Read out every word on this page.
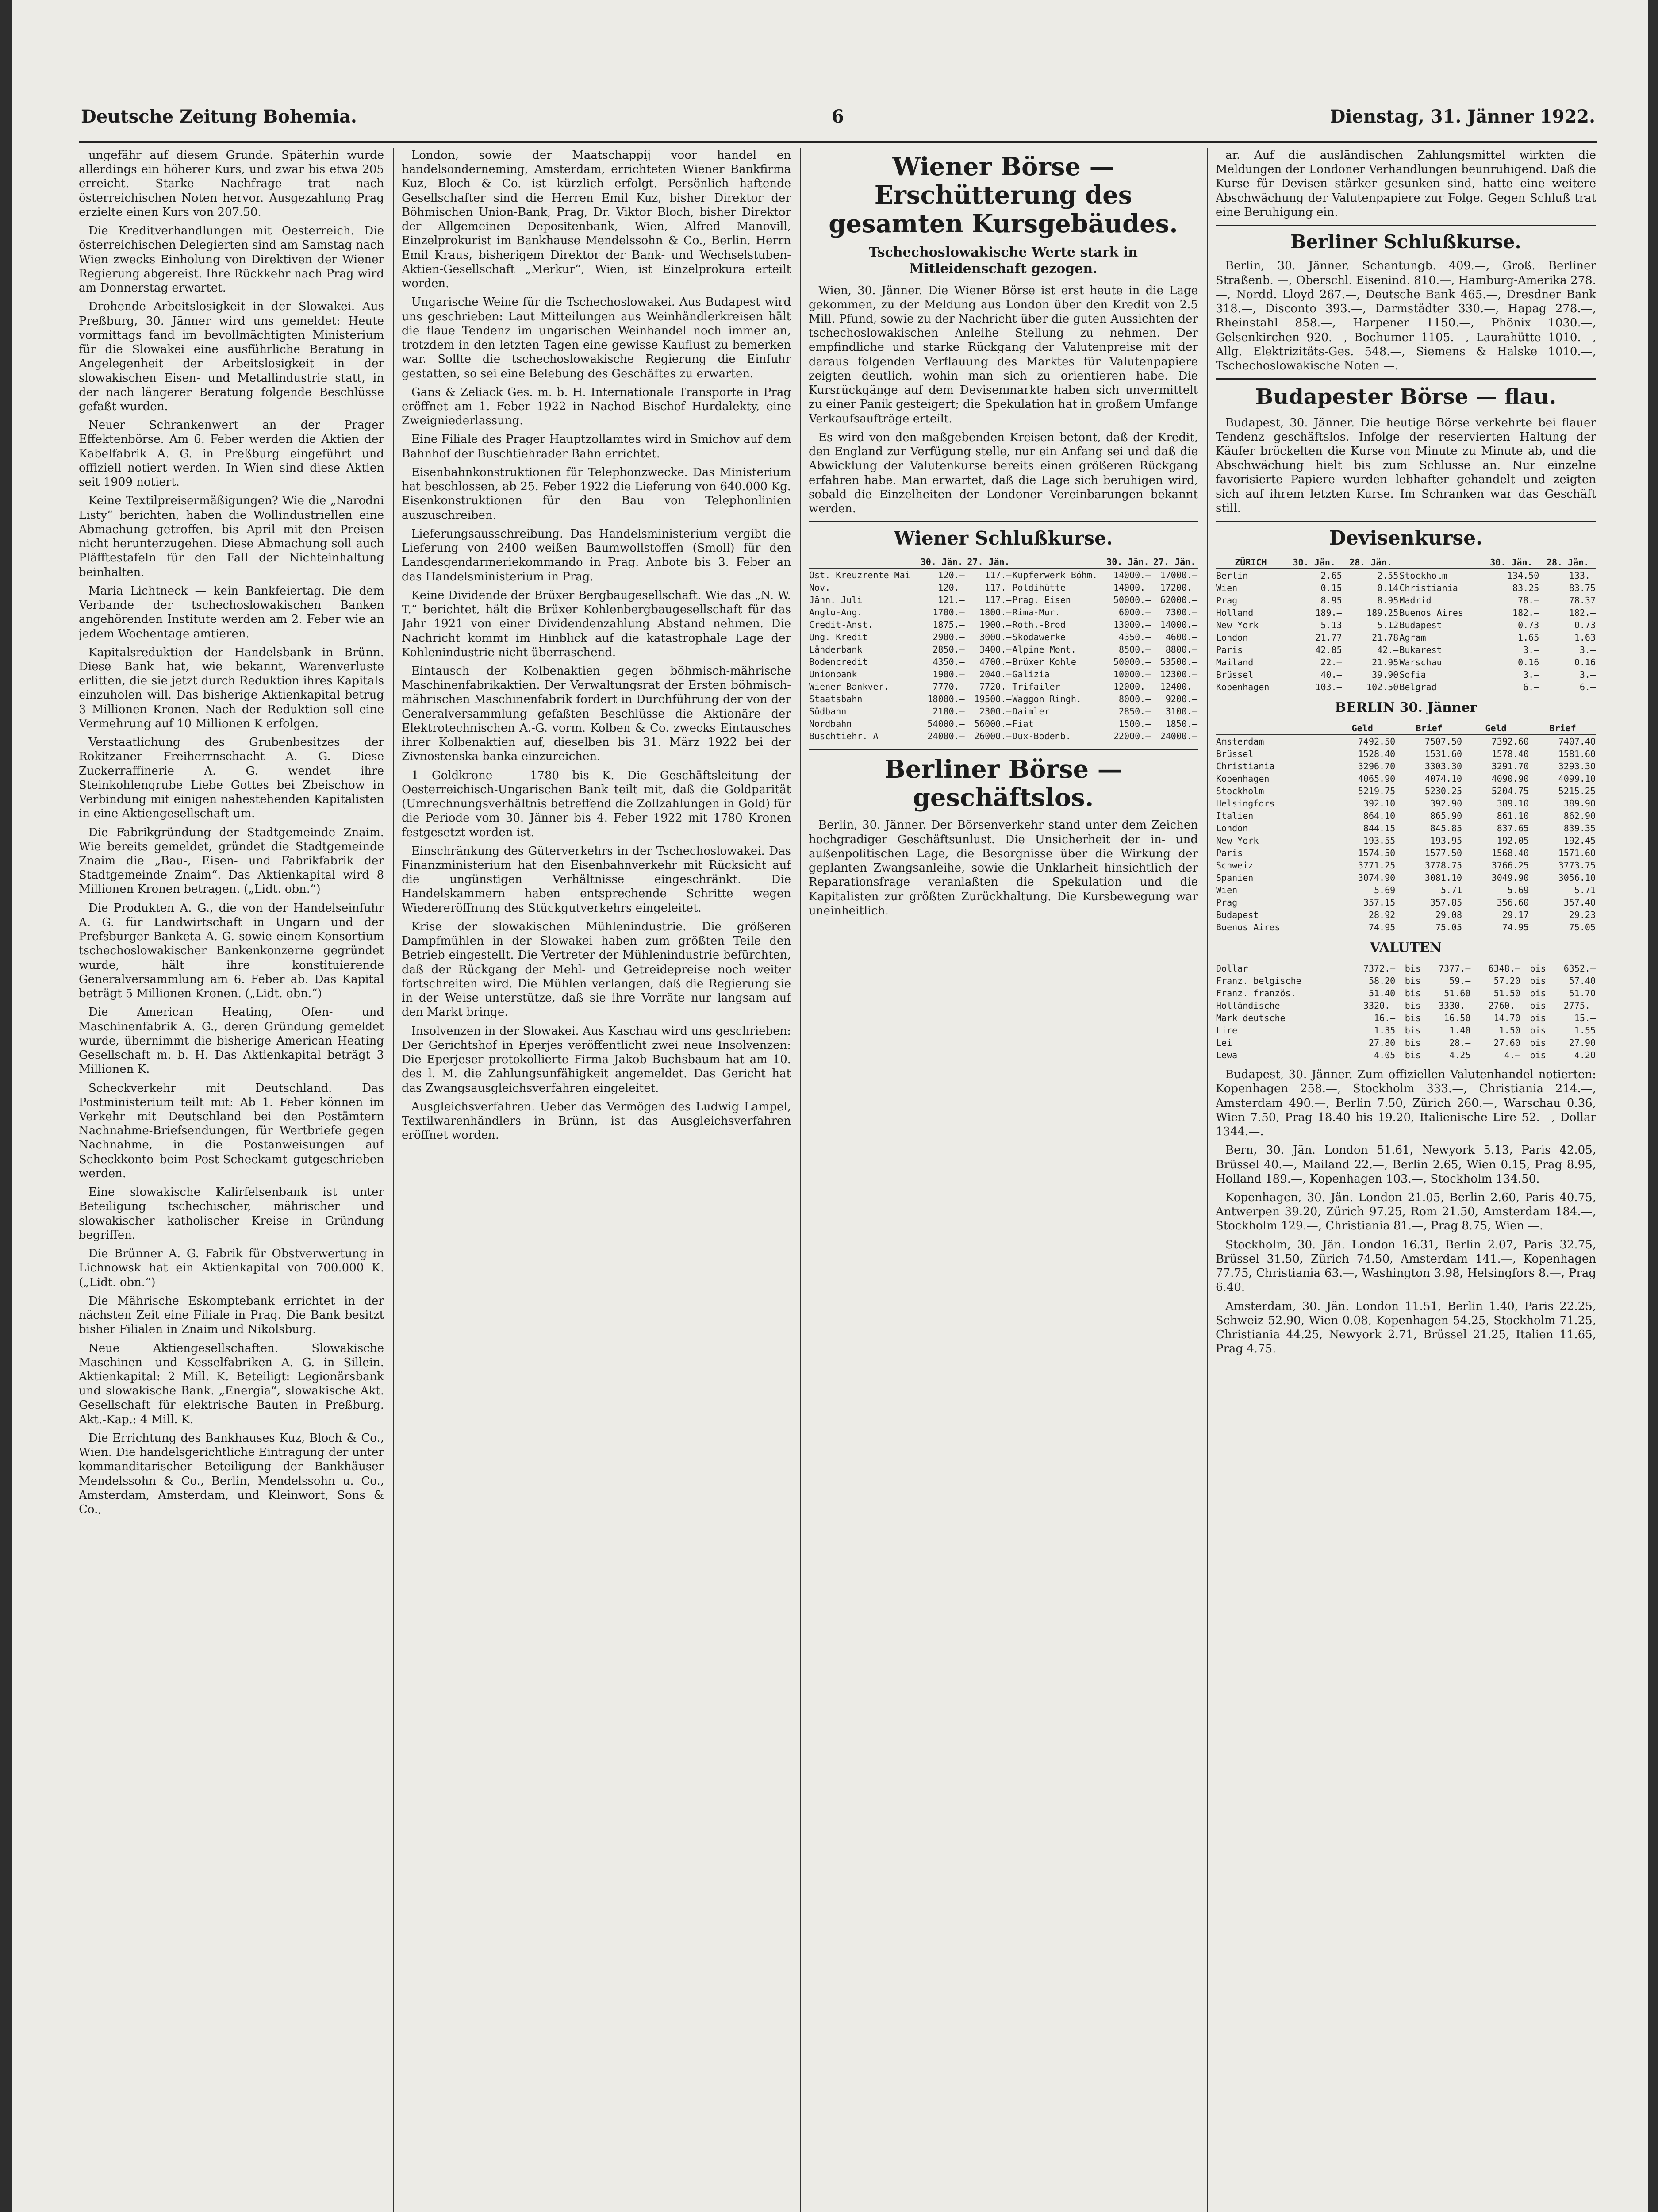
Deutsche Zeitung Bohemia.	6	Dienstag, 31. Jänner 1922.

ungefähr auf diesem Grunde. Späterhin wurde allerdings ein höherer Kurs, und zwar bis etwa 205 erreicht. Starke Nachfrage trat nach österreichischen Noten hervor. Ausgezahlung Prag erzielte einen Kurs von 207.50.

Die Kreditverhandlungen mit Oesterreich. Die österreichischen Delegierten sind am Samstag nach Wien zwecks Einholung von Direktiven der Wiener Regierung abgereist. Ihre Rückkehr nach Prag wird am Donnerstag erwartet.

Drohende Arbeitslosigkeit in der Slowakei. Aus Preßburg, 30. Jänner wird uns gemeldet: Heute vormittags fand im bevollmächtigten Ministerium für die Slowakei eine ausführliche Beratung in Angelegenheit der Arbeitslosigkeit in der slowakischen Eisen- und Metallindustrie statt, in der nach längerer Beratung folgende Beschlüsse gefaßt wurden.

Neuer Schrankenwert an der Prager Effektenbörse. Am 6. Feber werden die Aktien der Kabelfabrik A. G. in Preßburg eingeführt und offiziell notiert werden. In Wien sind diese Aktien seit 1909 notiert.

Keine Textilpreisermäßigungen? Wie die „Narodni Listy“ berichten, haben die Wollindustriellen eine Abmachung getroffen, bis April mit den Preisen nicht herunterzugehen. Diese Abmachung soll auch Pläfftestafeln für den Fall der Nichteinhaltung beinhalten.

Maria Lichtneck — kein Bankfeiertag. Die dem Verbande der tschechoslowakischen Banken angehörenden Institute werden am 2. Feber wie an jedem Wochentage amtieren.

Kapitalsreduktion der Handelsbank in Brünn. Diese Bank hat, wie bekannt, Warenverluste erlitten, die sie jetzt durch Reduktion ihres Kapitals einzuholen will. Das bisherige Aktienkapital betrug 3 Millionen Kronen. Nach der Reduktion soll eine Vermehrung auf 10 Millionen K erfolgen.

Verstaatlichung des Grubenbesitzes der Rokitzaner Freiherrnschacht A. G. Diese Zuckerraffinerie A. G. wendet ihre Steinkohlengrube Liebe Gottes bei Zbeischow in Verbindung mit einigen nahestehenden Kapitalisten in eine Aktiengesellschaft um.

Die Fabrikgründung der Stadtgemeinde Znaim. Wie bereits gemeldet, gründet die Stadtgemeinde Znaim die „Bau-, Eisen- und Fabrikfabrik der Stadtgemeinde Znaim“. Das Aktienkapital wird 8 Millionen Kronen betragen. („Lidt. obn.“)

Die Produkten A. G., die von der Handelseinfuhr A. G. für Landwirtschaft in Ungarn und der Prefsburger Banketa A. G. sowie einem Konsortium tschechoslowakischer Bankenkonzerne gegründet wurde, hält ihre konstituierende Generalversammlung am 6. Feber ab. Das Kapital beträgt 5 Millionen Kronen. („Lidt. obn.“)

Die American Heating, Ofen- und Maschinenfabrik A. G., deren Gründung gemeldet wurde, übernimmt die bisherige American Heating Gesellschaft m. b. H. Das Aktienkapital beträgt 3 Millionen K.

Scheckverkehr mit Deutschland. Das Postministerium teilt mit: Ab 1. Feber können im Verkehr mit Deutschland bei den Postämtern Nachnahme-Briefsendungen, für Wertbriefe gegen Nachnahme, in die Postanweisungen auf Scheckkonto beim Post-Scheckamt gutgeschrieben werden.

Eine slowakische Kalirfelsenbank ist unter Beteiligung tschechischer, mährischer und slowakischer katholischer Kreise in Gründung begriffen.

Die Brünner A. G. Fabrik für Obstverwertung in Lichnowsk hat ein Aktienkapital von 700.000 K. („Lidt. obn.“)

Die Mährische Eskomptebank errichtet in der nächsten Zeit eine Filiale in Prag. Die Bank besitzt bisher Filialen in Znaim und Nikolsburg.

Neue Aktiengesellschaften. Slowakische Maschinen- und Kesselfabriken A. G. in Sillein. Aktienkapital: 2 Mill. K. Beteiligt: Legionärsbank und slowakische Bank. „Energia“, slowakische Akt. Gesellschaft für elektrische Bauten in Preßburg. Akt.-Kap.: 4 Mill. K.

Die Errichtung des Bankhauses Kuz, Bloch & Co., Wien. Die handelsgerichtliche Eintragung der unter kommanditarischer Beteiligung der Bankhäuser Mendelssohn & Co., Berlin, Mendelssohn u. Co., Amsterdam, Amsterdam, und Kleinwort, Sons & Co.,

London, sowie der Maatschappij voor handel en handelsonderneming, Amsterdam, errichteten Wiener Bankfirma Kuz, Bloch & Co. ist kürzlich erfolgt. Persönlich haftende Gesellschafter sind die Herren Emil Kuz, bisher Direktor der Böhmischen Union-Bank, Prag, Dr. Viktor Bloch, bisher Direktor der Allgemeinen Depositenbank, Wien, Alfred Manovill, Einzelprokurist im Bankhause Mendelssohn & Co., Berlin. Herrn Emil Kraus, bisherigem Direktor der Bank- und Wechselstuben-Aktien-Gesellschaft „Merkur“, Wien, ist Einzelprokura erteilt worden.

Ungarische Weine für die Tschechoslowakei. Aus Budapest wird uns geschrieben: Laut Mitteilungen aus Weinhändlerkreisen hält die flaue Tendenz im ungarischen Weinhandel noch immer an, trotzdem in den letzten Tagen eine gewisse Kauflust zu bemerken war. Sollte die tschechoslowakische Regierung die Einfuhr gestatten, so sei eine Belebung des Geschäftes zu erwarten.

Gans & Zeliack Ges. m. b. H. Internationale Transporte in Prag eröffnet am 1. Feber 1922 in Nachod Bischof Hurdalekty, eine Zweigniederlassung.

Eine Filiale des Prager Hauptzollamtes wird in Smichov auf dem Bahnhof der Buschtiehrader Bahn errichtet.

Eisenbahnkonstruktionen für Telephonzwecke. Das Ministerium hat beschlossen, ab 25. Feber 1922 die Lieferung von 640.000 Kg. Eisenkonstruktionen für den Bau von Telephonlinien auszuschreiben.

Lieferungsausschreibung. Das Handelsministerium vergibt die Lieferung von 2400 weißen Baumwollstoffen (Smoll) für den Landesgendarmeriekommando in Prag. Anbote bis 3. Feber an das Handelsministerium in Prag.

Keine Dividende der Brüxer Bergbaugesellschaft. Wie das „N. W. T.“ berichtet, hält die Brüxer Kohlenbergbaugesellschaft für das Jahr 1921 von einer Dividendenzahlung Abstand nehmen. Die Nachricht kommt im Hinblick auf die katastrophale Lage der Kohlenindustrie nicht überraschend.

Eintausch der Kolbenaktien gegen böhmisch-mährische Maschinenfabrikaktien. Der Verwaltungsrat der Ersten böhmisch-mährischen Maschinenfabrik fordert in Durchführung der von der Generalversammlung gefaßten Beschlüsse die Aktionäre der Elektrotechnischen A.-G. vorm. Kolben & Co. zwecks Eintausches ihrer Kolbenaktien auf, dieselben bis 31. März 1922 bei der Zivnostenska banka einzureichen.

1 Goldkrone — 1780 bis K. Die Geschäftsleitung der Oesterreichisch-Ungarischen Bank teilt mit, daß die Goldparität (Umrechnungsverhältnis betreffend die Zollzahlungen in Gold) für die Periode vom 30. Jänner bis 4. Feber 1922 mit 1780 Kronen festgesetzt worden ist.

Einschränkung des Güterverkehrs in der Tschechoslowakei. Das Finanzministerium hat den Eisenbahnverkehr mit Rücksicht auf die ungünstigen Verhältnisse eingeschränkt. Die Handelskammern haben entsprechende Schritte wegen Wiedereröffnung des Stückgutverkehrs eingeleitet.

Krise der slowakischen Mühlenindustrie. Die größeren Dampfmühlen in der Slowakei haben zum größten Teile den Betrieb eingestellt. Die Vertreter der Mühlenindustrie befürchten, daß der Rückgang der Mehl- und Getreidepreise noch weiter fortschreiten wird. Die Mühlen verlangen, daß die Regierung sie in der Weise unterstütze, daß sie ihre Vorräte nur langsam auf den Markt bringe.

Insolvenzen in der Slowakei. Aus Kaschau wird uns geschrieben: Der Gerichtshof in Eperjes veröffentlicht zwei neue Insolvenzen: Die Eperjeser protokollierte Firma Jakob Buchsbaum hat am 10. des l. M. die Zahlungsunfähigkeit angemeldet. Das Gericht hat das Zwangsausgleichsverfahren eingeleitet.

Ausgleichsverfahren. Ueber das Vermögen des Ludwig Lampel, Textilwarenhändlers in Brünn, ist das Ausgleichsverfahren eröffnet worden.

Wiener Börse — Erschütterung des gesamten Kursgebäudes.
Tschechoslowakische Werte stark in Mitleidenschaft gezogen.

Wien, 30. Jänner. Die Wiener Börse ist erst heute in die Lage gekommen, zu der Meldung aus London über den Kredit von 2.5 Mill. Pfund, sowie zu der Nachricht über die guten Aussichten der tschechoslowakischen Anleihe Stellung zu nehmen. Der empfindliche und starke Rückgang der Valutenpreise mit der daraus folgenden Verflauung des Marktes für Valutenpapiere zeigten deutlich, wohin man sich zu orientieren habe. Die Kursrückgänge auf dem Devisenmarkte haben sich unvermittelt zu einer Panik gesteigert; die Spekulation hat in großem Umfange Verkaufsaufträge erteilt.

Es wird von den maßgebenden Kreisen betont, daß der Kredit, den England zur Verfügung stelle, nur ein Anfang sei und daß die Abwicklung der Valutenkurse bereits einen größeren Rückgang erfahren habe. Man erwartet, daß die Lage sich beruhigen wird, sobald die Einzelheiten der Londoner Vereinbarungen bekannt werden.

Wiener Schlußkurse.
	30. Jän.	27. Jän.		30. Jän.	27. Jän.
Ost. Kreuzrente Mai	120.—	117.—	Kupferwerk Böhm.	14000.—	17000.—
Nov.	120.—	117.—	Poldihütte	14000.—	17200.—
Jänn. Juli	121.—	117.—	Prag. Eisen	50000.—	62000.—
Anglo-Ang.	1700.—	1800.—	Rima-Mur.	6000.—	7300.—
Credit-Anst.	1875.—	1900.—	Roth.-Brod	13000.—	14000.—
Ung. Kredit	2900.—	3000.—	Skodawerke	4350.—	4600.—
Länderbank	2850.—	3400.—	Alpine Mont.	8500.—	8800.—
Bodencredit	4350.—	4700.—	Brüxer Kohle	50000.—	53500.—
Unionbank	1900.—	2040.—	Galizia	10000.—	12300.—
Wiener Bankver.	7770.—	7720.—	Trifailer	12000.—	12400.—
Staatsbahn	18000.—	19500.—	Waggon Ringh.	8000.—	9200.—
Südbahn	2100.—	2300.—	Daimler	2850.—	3100.—
Nordbahn	54000.—	56000.—	Fiat	1500.—	1850.—
Buschtiehr. A	24000.—	26000.—	Dux-Bodenb.	22000.—	24000.—
Berliner Börse — geschäftslos.

Berlin, 30. Jänner. Der Börsenverkehr stand unter dem Zeichen hochgradiger Geschäftsunlust. Die Unsicherheit der in- und außenpolitischen Lage, die Besorgnisse über die Wirkung der geplanten Zwangsanleihe, sowie die Unklarheit hinsichtlich der Reparationsfrage veranlaßten die Spekulation und die Kapitalisten zur größten Zurückhaltung. Die Kursbewegung war uneinheitlich.

ar. Auf die ausländischen Zahlungsmittel wirkten die Meldungen der Londoner Verhandlungen beunruhigend. Daß die Kurse für Devisen stärker gesunken sind, hatte eine weitere Abschwächung der Valutenpapiere zur Folge. Gegen Schluß trat eine Beruhigung ein.

Berliner Schlußkurse.

Berlin, 30. Jänner. Schantungb. 409.—, Groß. Berliner Straßenb. —, Oberschl. Eisenind. 810.—, Hamburg-Amerika 278.—, Nordd. Lloyd 267.—, Deutsche Bank 465.—, Dresdner Bank 318.—, Disconto 393.—, Darmstädter 330.—, Hapag 278.—, Rheinstahl 858.—, Harpener 1150.—, Phönix 1030.—, Gelsenkirchen 920.—, Bochumer 1105.—, Laurahütte 1010.—, Allg. Elektrizitäts-Ges. 548.—, Siemens & Halske 1010.—, Tschechoslowakische Noten —.

Budapester Börse — flau.

Budapest, 30. Jänner. Die heutige Börse verkehrte bei flauer Tendenz geschäftslos. Infolge der reservierten Haltung der Käufer bröckelten die Kurse von Minute zu Minute ab, und die Abschwächung hielt bis zum Schlusse an. Nur einzelne favorisierte Papiere wurden lebhafter gehandelt und zeigten sich auf ihrem letzten Kurse. Im Schranken war das Geschäft still.

Devisenkurse.
ZÜRICH	30. Jän.	28. Jän.		30. Jän.	28. Jän.
Berlin	2.65	2.55	Stockholm	134.50	133.—
Wien	0.15	0.14	Christiania	83.25	83.75
Prag	8.95	8.95	Madrid	78.—	78.37
Holland	189.—	189.25	Buenos Aires	182.—	182.—
New York	5.13	5.12	Budapest	0.73	0.73
London	21.77	21.78	Agram	1.65	1.63
Paris	42.05	42.—	Bukarest	3.—	3.—
Mailand	22.—	21.95	Warschau	0.16	0.16
Brüssel	40.—	39.90	Sofia	3.—	3.—
Kopenhagen	103.—	102.50	Belgrad	6.—	6.—
BERLIN 30. Jänner
	Geld	Brief	Geld	Brief
Amsterdam	7492.50	7507.50	7392.60	7407.40
Brüssel	1528.40	1531.60	1578.40	1581.60
Christiania	3296.70	3303.30	3291.70	3293.30
Kopenhagen	4065.90	4074.10	4090.90	4099.10
Stockholm	5219.75	5230.25	5204.75	5215.25
Helsingfors	392.10	392.90	389.10	389.90
Italien	864.10	865.90	861.10	862.90
London	844.15	845.85	837.65	839.35
New York	193.55	193.95	192.05	192.45
Paris	1574.50	1577.50	1568.40	1571.60
Schweiz	3771.25	3778.75	3766.25	3773.75
Spanien	3074.90	3081.10	3049.90	3056.10
Wien	5.69	5.71	5.69	5.71
Prag	357.15	357.85	356.60	357.40
Budapest	28.92	29.08	29.17	29.23
Buenos Aires	74.95	75.05	74.95	75.05
VALUTEN
Dollar	7372.—	bis	7377.—	6348.—	bis	6352.—
Franz. belgische	58.20	bis	59.—	57.20	bis	57.40
Franz. französ.	51.40	bis	51.60	51.50	bis	51.70
Holländische	3320.—	bis	3330.—	2760.—	bis	2775.—
Mark deutsche	16.—	bis	16.50	14.70	bis	15.—
Lire	1.35	bis	1.40	1.50	bis	1.55
Lei	27.80	bis	28.—	27.60	bis	27.90
Lewa	4.05	bis	4.25	4.—	bis	4.20

Budapest, 30. Jänner. Zum offiziellen Valutenhandel notierten: Kopenhagen 258.—, Stockholm 333.—, Christiania 214.—, Amsterdam 490.—, Berlin 7.50, Zürich 260.—, Warschau 0.36, Wien 7.50, Prag 18.40 bis 19.20, Italienische Lire 52.—, Dollar 1344.—.

Bern, 30. Jän. London 51.61, Newyork 5.13, Paris 42.05, Brüssel 40.—, Mailand 22.—, Berlin 2.65, Wien 0.15, Prag 8.95, Holland 189.—, Kopenhagen 103.—, Stockholm 134.50.

Kopenhagen, 30. Jän. London 21.05, Berlin 2.60, Paris 40.75, Antwerpen 39.20, Zürich 97.25, Rom 21.50, Amsterdam 184.—, Stockholm 129.—, Christiania 81.—, Prag 8.75, Wien —.

Stockholm, 30. Jän. London 16.31, Berlin 2.07, Paris 32.75, Brüssel 31.50, Zürich 74.50, Amsterdam 141.—, Kopenhagen 77.75, Christiania 63.—, Washington 3.98, Helsingfors 8.—, Prag 6.40.

Amsterdam, 30. Jän. London 11.51, Berlin 1.40, Paris 22.25, Schweiz 52.90, Wien 0.08, Kopenhagen 54.25, Stockholm 71.25, Christiania 44.25, Newyork 2.71, Brüssel 21.25, Italien 11.65, Prag 4.75.
